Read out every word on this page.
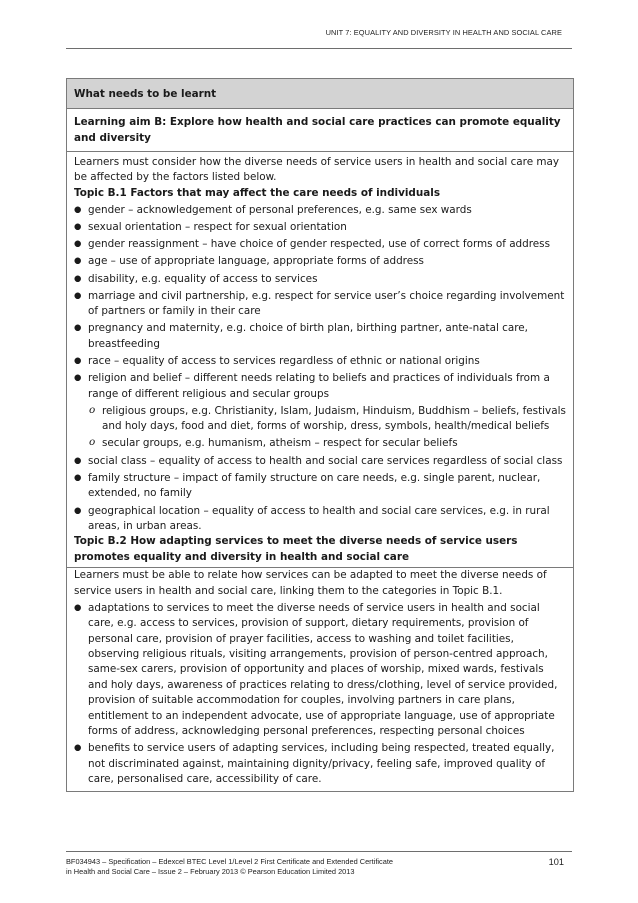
UNIT 7: EQUALITY AND DIVERSITY IN HEALTH AND SOCIAL CARE
What needs to be learnt
Learning aim B: Explore how health and social care practices can promote equality and diversity

Learners must consider how the diverse needs of service users in health and social care may be affected by the factors listed below.

Topic B.1 Factors that may affect the care needs of individuals

● gender – acknowledgement of personal preferences, e.g. same sex wards
● sexual orientation – respect for sexual orientation
● gender reassignment – have choice of gender respected, use of correct forms of address
● age – use of appropriate language, appropriate forms of address
● disability, e.g. equality of access to services
● marriage and civil partnership, e.g. respect for service user’s choice regarding involvement of partners or family in their care
● pregnancy and maternity, e.g. choice of birth plan, birthing partner, ante-natal care, breastfeeding
● race – equality of access to services regardless of ethnic or national origins
● religion and belief – different needs relating to beliefs and practices of individuals from a range of different religious and secular groups
o religious groups, e.g. Christianity, Islam, Judaism, Hinduism, Buddhism – beliefs, festivals and holy days, food and diet, forms of worship, dress, symbols, health/medical beliefs
o secular groups, e.g. humanism, atheism – respect for secular beliefs
● social class – equality of access to health and social care services regardless of social class
● family structure – impact of family structure on care needs, e.g. single parent, nuclear, extended, no family
● geographical location – equality of access to health and social care services, e.g. in rural areas, in urban areas.

Topic B.2 How adapting services to meet the diverse needs of service users promotes equality and diversity in health and social care

Learners must be able to relate how services can be adapted to meet the diverse needs of service users in health and social care, linking them to the categories in Topic B.1.

● adaptations to services to meet the diverse needs of service users in health and social care, e.g. access to services, provision of support, dietary requirements, provision of personal care, provision of prayer facilities, access to washing and toilet facilities, observing religious rituals, visiting arrangements, provision of person-centred approach, same-sex carers, provision of opportunity and places of worship, mixed wards, festivals and holy days, awareness of practices relating to dress/clothing, level of service provided, provision of suitable accommodation for couples, involving partners in care plans, entitlement to an independent advocate, use of appropriate language, use of appropriate forms of address, acknowledging personal preferences, respecting personal choices
● benefits to service users of adapting services, including being respected, treated equally, not discriminated against, maintaining dignity/privacy, feeling safe, improved quality of care, personalised care, accessibility of care.
BF034943 – Specification – Edexcel BTEC Level 1/Level 2 First Certificate and Extended Certificate
in Health and Social Care – Issue 2 – February 2013 © Pearson Education Limited 2013
101
